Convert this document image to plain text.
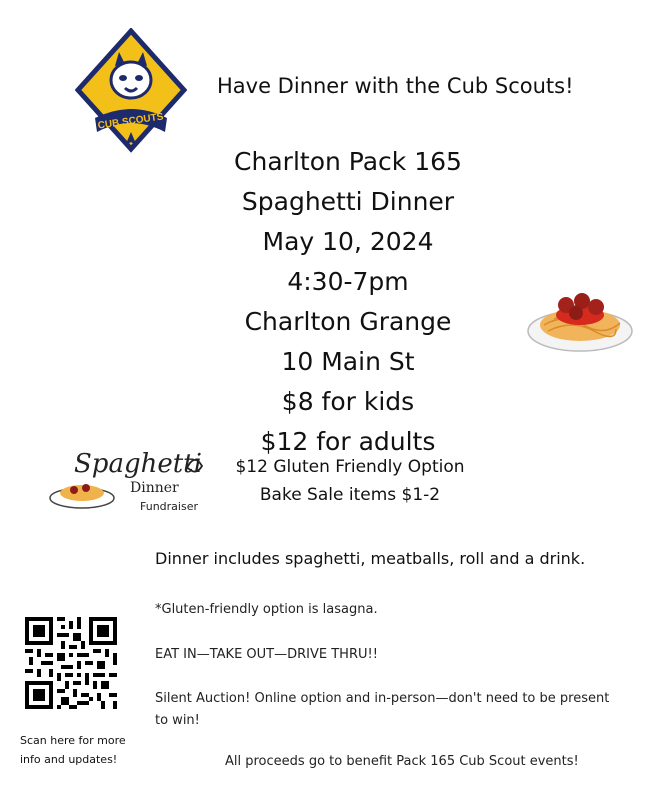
CUB SCOUTS
Have Dinner with the Cub Scouts!
Charlton Pack 165
Spaghetti Dinner
May 10, 2024
4:30-7pm
Charlton Grange
10 Main St
$8 for kids
$12 for adults
$12 Gluten Friendly Option
Bake Sale items $1-2
Spaghetti
Dinner
Fundraiser
Dinner includes spaghetti, meatballs, roll and a drink.
*Gluten-friendly option is lasagna.
EAT IN—TAKE OUT—DRIVE THRU!!
Silent Auction! Online option and in-person—don't need to be present to win!
All proceeds go to benefit Pack 165 Cub Scout events!
Scan here for more info and updates!
